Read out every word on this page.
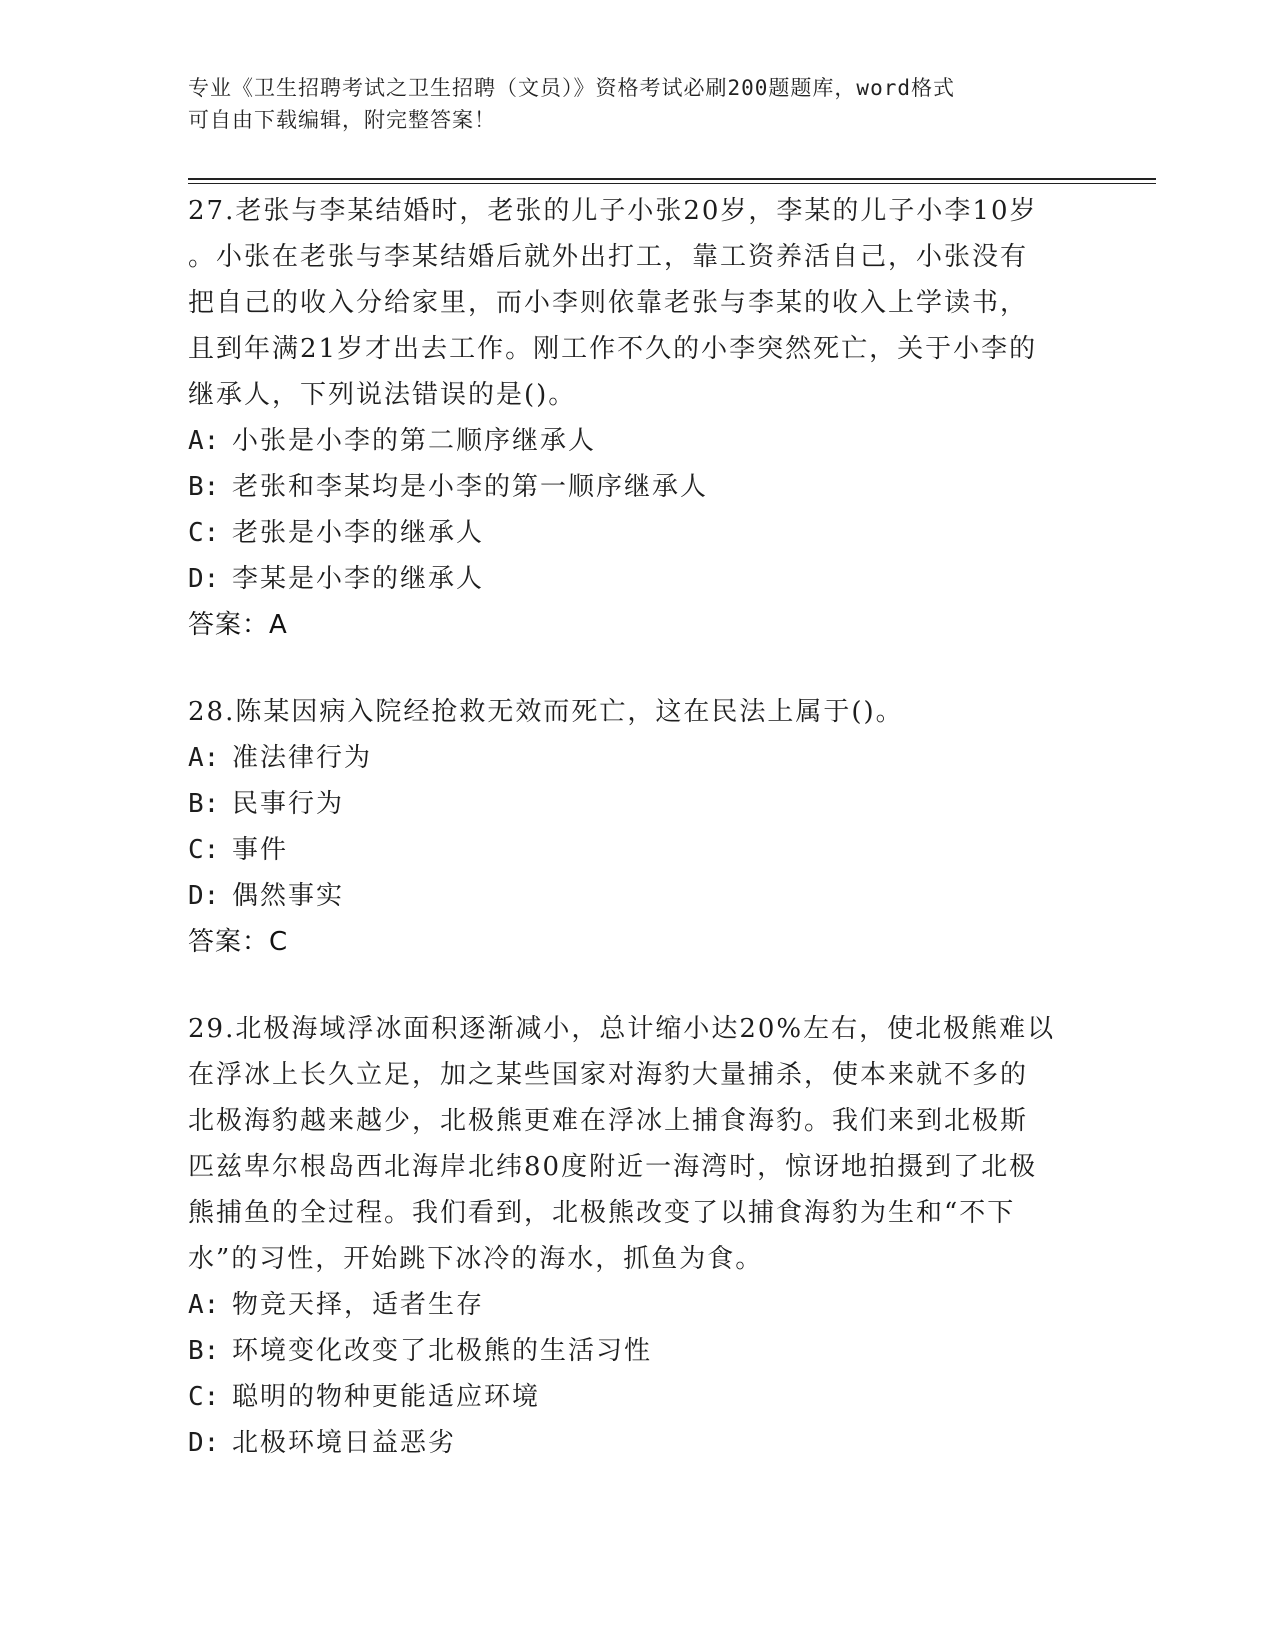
专业《卫生招聘考试之卫生招聘（文员）》资格考试必刷200题题库，word格式
可自由下载编辑，附完整答案！
27.老张与李某结婚时，老张的儿子小张20岁，李某的儿子小李10岁
。小张在老张与李某结婚后就外出打工，靠工资养活自己，小张没有
把自己的收入分给家里，而小李则依靠老张与李某的收入上学读书，
且到年满21岁才出去工作。刚工作不久的小李突然死亡，关于小李的
继承人，下列说法错误的是()。
A: 小张是小李的第二顺序继承人
B: 老张和李某均是小李的第一顺序继承人
C: 老张是小李的继承人
D: 李某是小李的继承人
答案：A
28.陈某因病入院经抢救无效而死亡，这在民法上属于()。
A: 准法律行为
B: 民事行为
C: 事件
D: 偶然事实
答案：C
29.北极海域浮冰面积逐渐减小，总计缩小达20%左右，使北极熊难以
在浮冰上长久立足，加之某些国家对海豹大量捕杀，使本来就不多的
北极海豹越来越少，北极熊更难在浮冰上捕食海豹。我们来到北极斯
匹兹卑尔根岛西北海岸北纬80度附近一海湾时，惊讶地拍摄到了北极
熊捕鱼的全过程。我们看到，北极熊改变了以捕食海豹为生和“不下
水”的习性，开始跳下冰冷的海水，抓鱼为食。
A: 物竞天择，适者生存
B: 环境变化改变了北极熊的生活习性
C: 聪明的物种更能适应环境
D: 北极环境日益恶劣
